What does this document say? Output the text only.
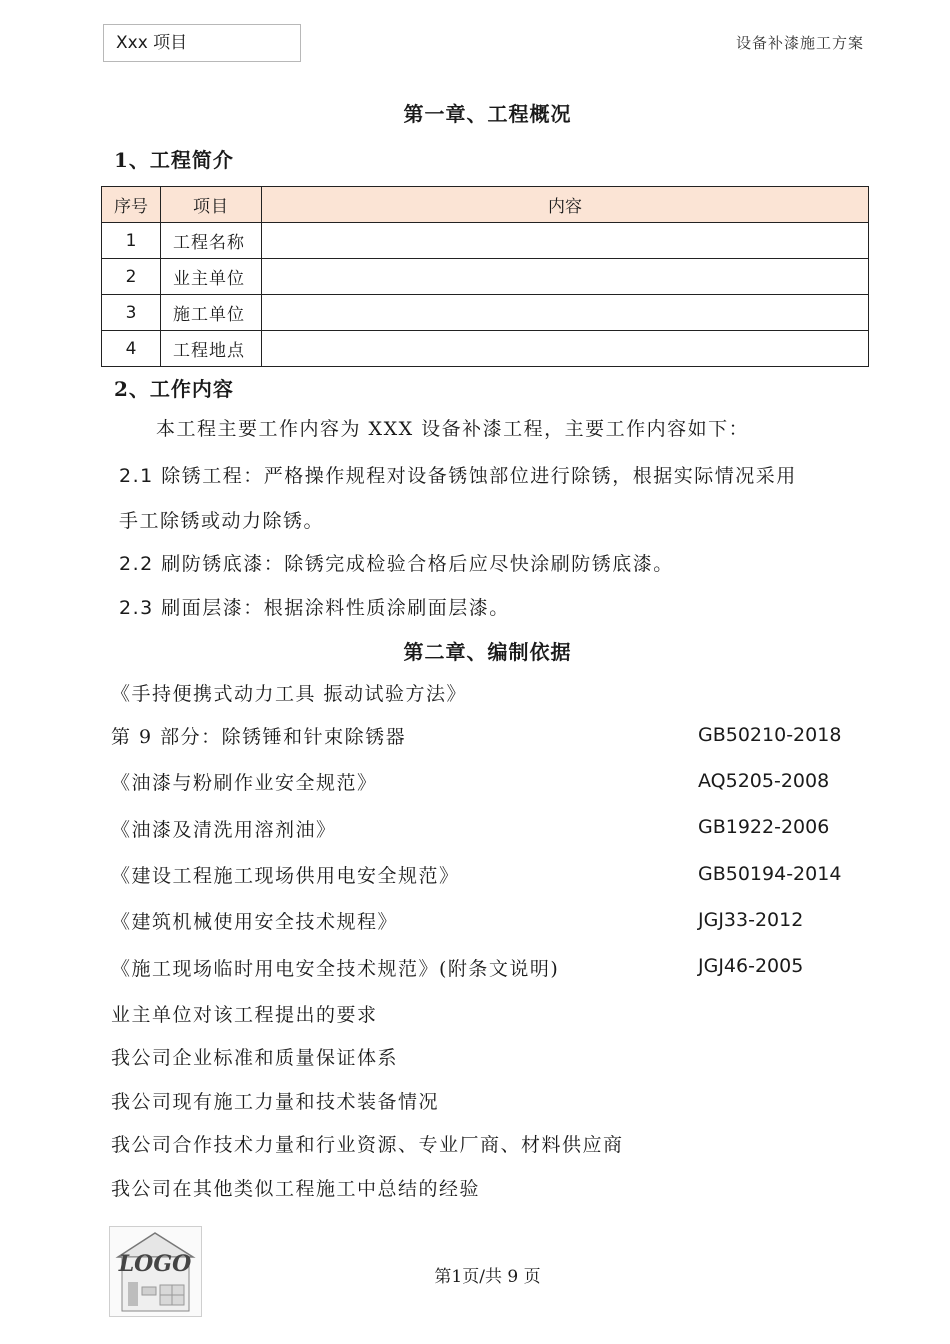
Xxx 项目	设备补漆施工方案
第一章、工程概况
1、工程简介
序号	项目	内容
1	工程名称	
2	业主单位	
3	施工单位	
4	工程地点	
2、工作内容
本工程主要工作内容为 XXX 设备补漆工程，主要工作内容如下：
2.1 除锈工程：严格操作规程对设备锈蚀部位进行除锈，根据实际情况采用
手工除锈或动力除锈。
2.2 刷防锈底漆：除锈完成检验合格后应尽快涂刷防锈底漆。
2.3 刷面层漆：根据涂料性质涂刷面层漆。
第二章、编制依据
《手持便携式动力工具 振动试验方法》
第 9 部分：除锈锤和针束除锈器	GB50210-2018
《油漆与粉刷作业安全规范》	AQ5205-2008
《油漆及清洗用溶剂油》	GB1922-2006
《建设工程施工现场供用电安全规范》	GB50194-2014
《建筑机械使用安全技术规程》	JGJ33-2012
《施工现场临时用电安全技术规范》(附条文说明)	JGJ46-2005
业主单位对该工程提出的要求
我公司企业标准和质量保证体系
我公司现有施工力量和技术装备情况
我公司合作技术力量和行业资源、专业厂商、材料供应商
我公司在其他类似工程施工中总结的经验
LOGO	第1页/共 9 页
